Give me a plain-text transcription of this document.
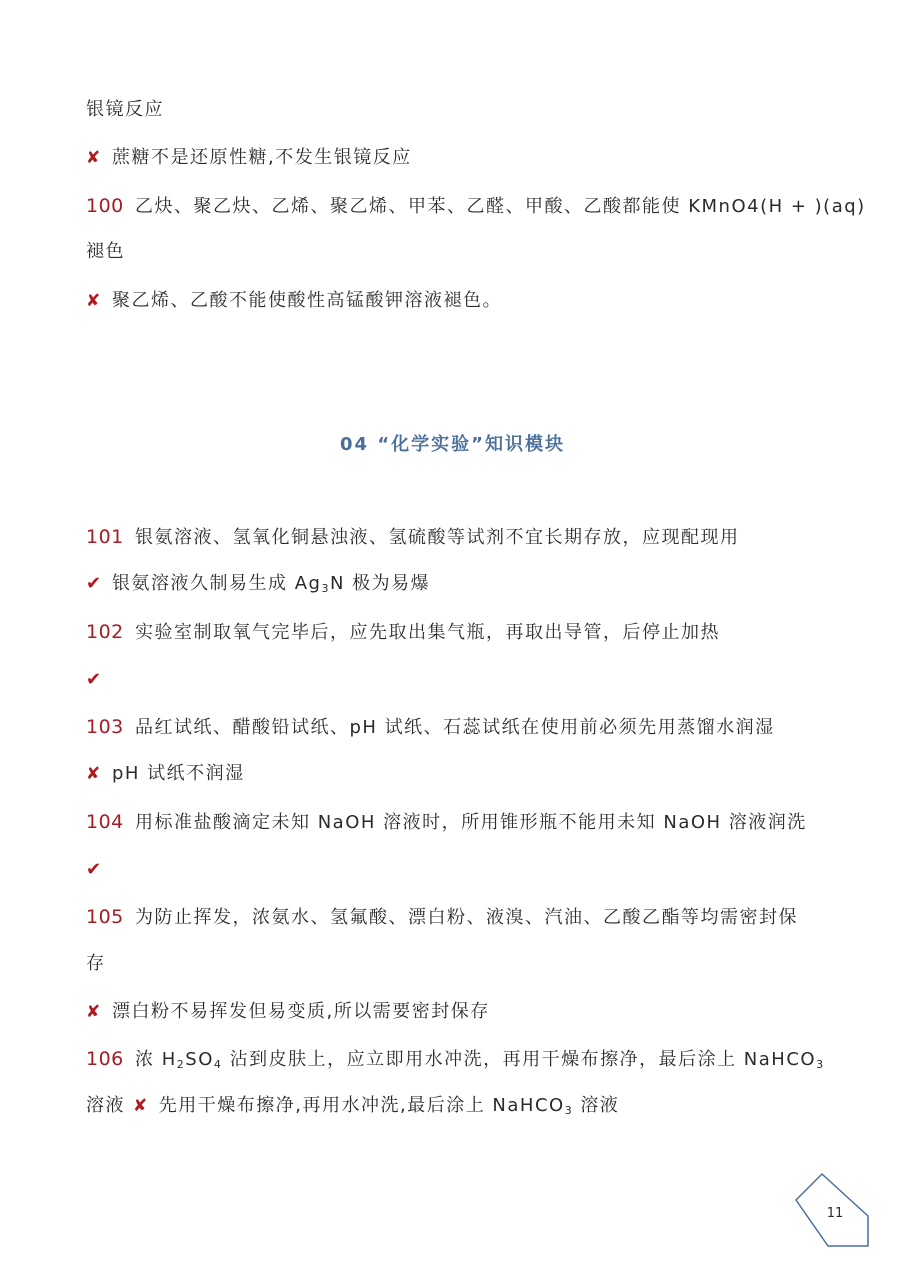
银镜反应
✘ 蔗糖不是还原性糖,不发生银镜反应
100 乙炔、聚乙炔、乙烯、聚乙烯、甲苯、乙醛、甲酸、乙酸都能使 KMnO4(H + )(aq)
褪色
✘ 聚乙烯、乙酸不能使酸性高锰酸钾溶液褪色。
04 “化学实验”知识模块
101 银氨溶液、氢氧化铜悬浊液、氢硫酸等试剂不宜长期存放，应现配现用
✔ 银氨溶液久制易生成 $Ag_3N$ 极为易爆
102 实验室制取氧气完毕后，应先取出集气瓶，再取出导管，后停止加热
✔
103 品红试纸、醋酸铅试纸、pH 试纸、石蕊试纸在使用前必须先用蒸馏水润湿
✘ pH 试纸不润湿
104 用标准盐酸滴定未知 NaOH 溶液时，所用锥形瓶不能用未知 NaOH 溶液润洗
✔
105 为防止挥发，浓氨水、氢氟酸、漂白粉、液溴、汽油、乙酸乙酯等均需密封保
存
✘ 漂白粉不易挥发但易变质,所以需要密封保存
106 浓 $H_2SO_4$ 沾到皮肤上，应立即用水冲洗，再用干燥布擦净，最后涂上 NaHCO$_3$
溶液 ✘ 先用干燥布擦净,再用水冲洗,最后涂上 NaHCO$_3$ 溶液
11
